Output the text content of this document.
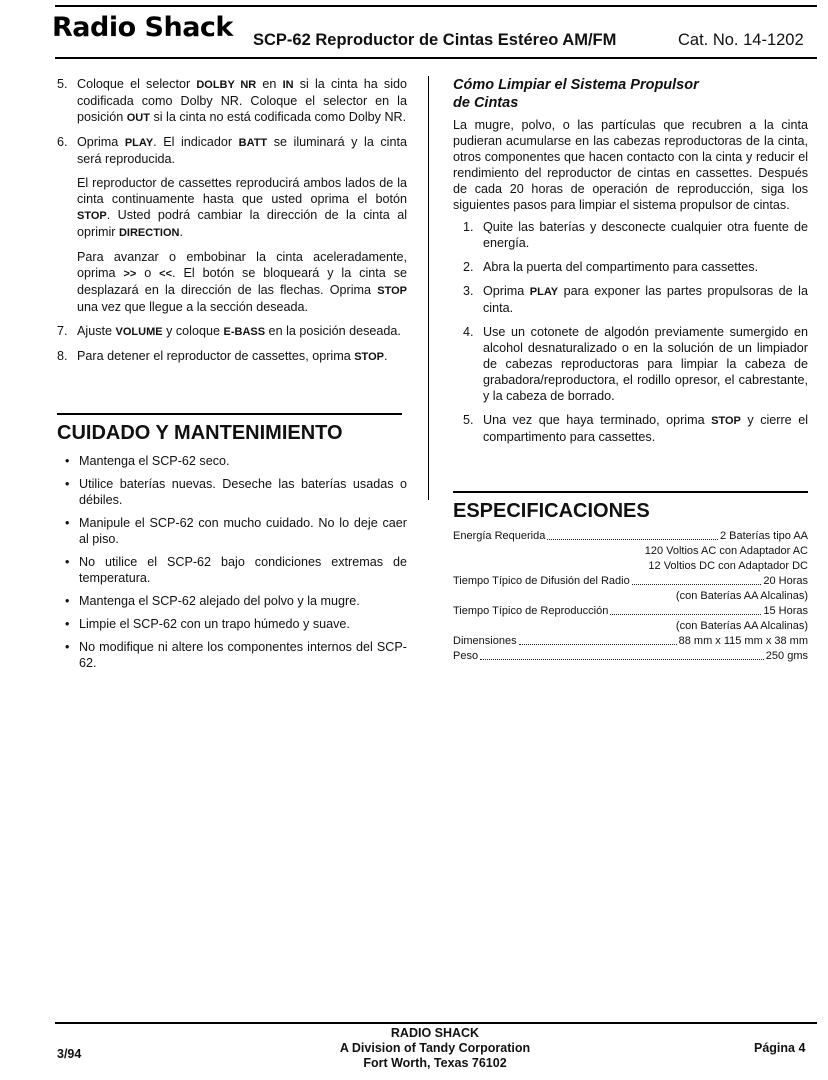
Radio Shack SCP-62 Reproductor de Cintas Estéreo AM/FM	Cat. No. 14-1202
5. Coloque el selector DOLBY NR en IN si la cinta ha sido codificada como Dolby NR. Coloque el selector en la posición OUT si la cinta no está codificada como Dolby NR.
6. Oprima PLAY. El indicador BATT se iluminará y la cinta será reproducida.

El reproductor de cassettes reproducirá ambos lados de la cinta continuamente hasta que usted oprima el botón STOP. Usted podrá cambiar la dirección de la cinta al oprimir DIRECTION.

Para avanzar o embobinar la cinta aceleradamente, oprima >> o <<. El botón se bloqueará y la cinta se desplazará en la dirección de las flechas. Oprima STOP una vez que llegue a la sección deseada.

7. Ajuste VOLUME y coloque E-BASS en la posición deseada.
8. Para detener el reproductor de cassettes, oprima STOP.
CUIDADO Y MANTENIMIENTO
• Mantenga el SCP-62 seco.
• Utilice baterías nuevas. Deseche las baterías usadas o débiles.
• Manipule el SCP-62 con mucho cuidado. No lo deje caer al piso.
• No utilice el SCP-62 bajo condiciones extremas de temperatura.
• Mantenga el SCP-62 alejado del polvo y la mugre.
• Limpie el SCP-62 con un trapo húmedo y suave.
• No modifique ni altere los componentes internos del SCP-62.
Cómo Limpiar el Sistema Propulsor
de Cintas

La mugre, polvo, o las partículas que recubren a la cinta pudieran acumularse en las cabezas reproductoras de la cinta, otros componentes que hacen contacto con la cinta y reducir el rendimiento del reproductor de cintas en cassettes. Después de cada 20 horas de operación de reproducción, siga los siguientes pasos para limpiar el sistema propulsor de cintas.

1. Quite las baterías y desconecte cualquier otra fuente de energía.
2. Abra la puerta del compartimento para cassettes.
3. Oprima PLAY para exponer las partes propulsoras de la cinta.
4. Use un cotonete de algodón previamente sumergido en alcohol desnaturalizado o en la solución de un limpiador de cabezas reproductoras para limpiar la cabeza de grabadora/reproductora, el rodillo opresor, el cabrestante, y la cabeza de borrado.
5. Una vez que haya terminado, oprima STOP y cierre el compartimento para cassettes.
ESPECIFICACIONES
Energía Requerida	2 Baterías tipo AA
120 Voltios AC con Adaptador AC
12 Voltios DC con Adaptador DC
Tiempo Típico de Difusión del Radio	20 Horas
(con Baterías AA Alcalinas)
Tiempo Típico de Reproducción	15 Horas
(con Baterías AA Alcalinas)
Dimensiones	88 mm x 115 mm x 38 mm
Peso	250 gms
RADIO SHACK
A Division of Tandy Corporation
Fort Worth, Texas 76102
3/94	Página 4
